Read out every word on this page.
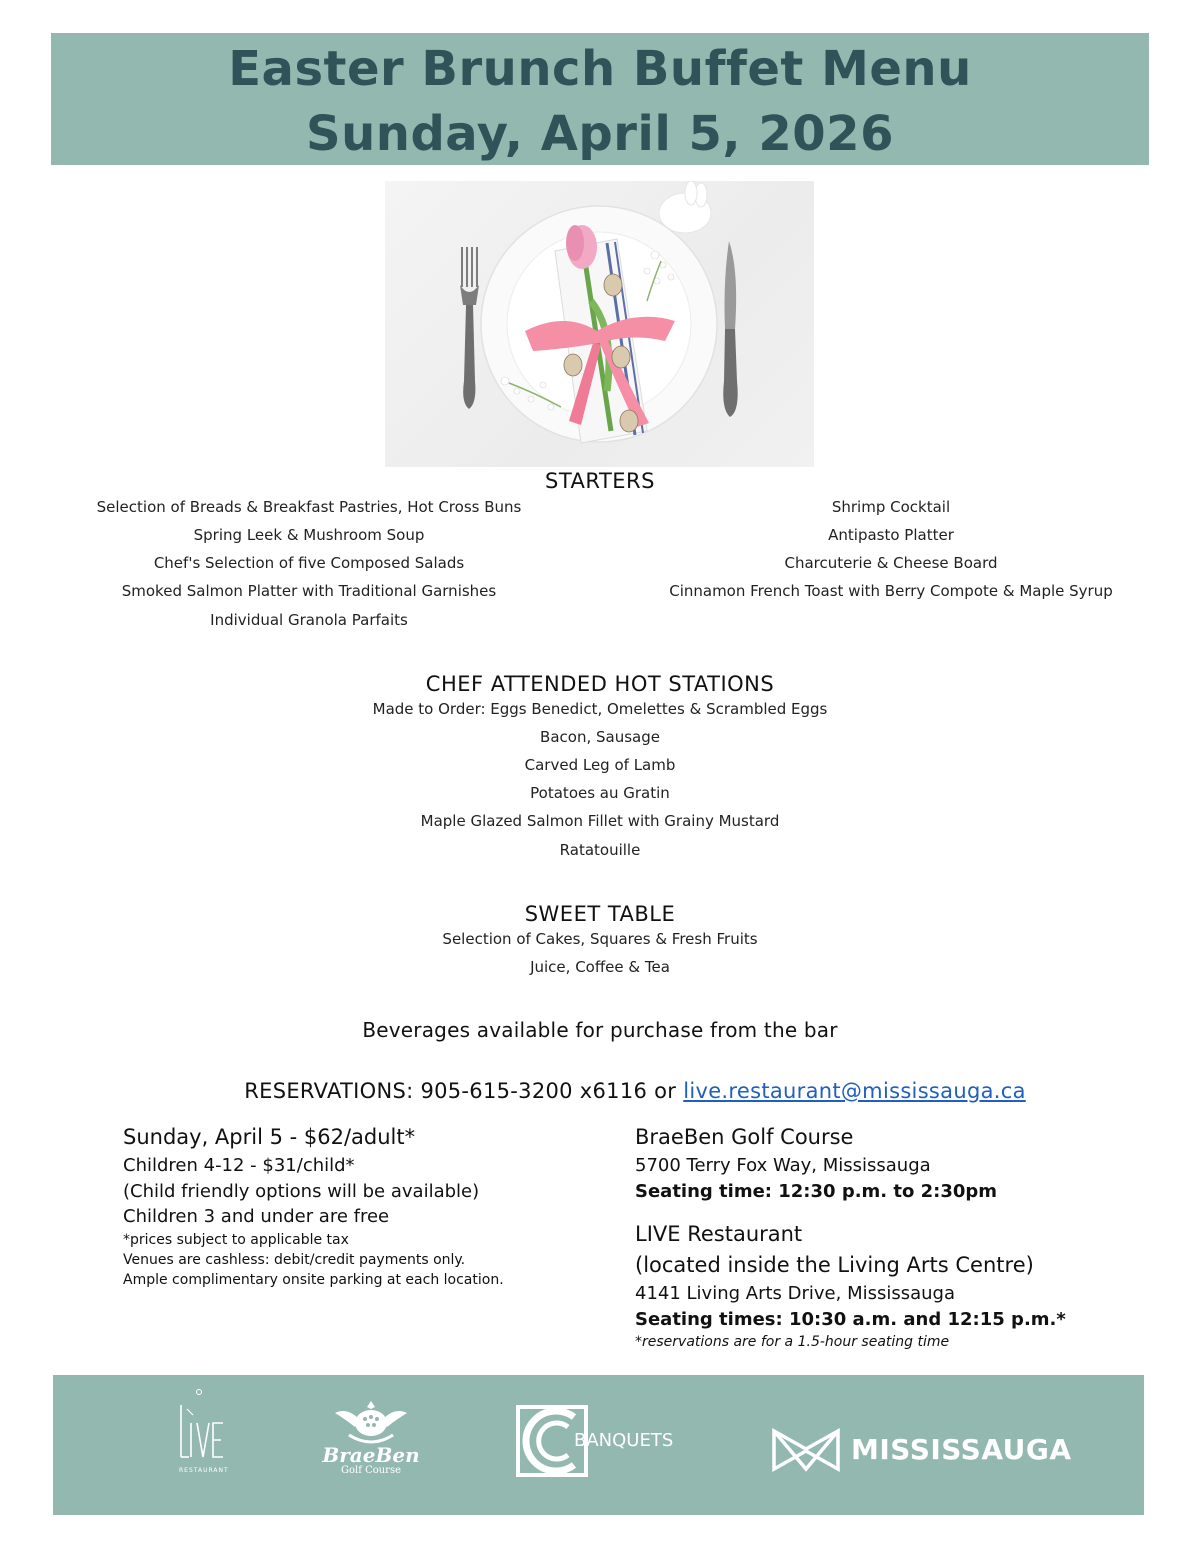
Easter Brunch Buffet Menu
Sunday, April 5, 2026
STARTERS
Selection of Breads & Breakfast Pastries, Hot Cross Buns
Spring Leek & Mushroom Soup
Chef's Selection of five Composed Salads
Smoked Salmon Platter with Traditional Garnishes
Individual Granola Parfaits
Shrimp Cocktail
Antipasto Platter
Charcuterie & Cheese Board
Cinnamon French Toast with Berry Compote & Maple Syrup
CHEF ATTENDED HOT STATIONS
Made to Order: Eggs Benedict, Omelettes & Scrambled Eggs
Bacon, Sausage
Carved Leg of Lamb
Potatoes au Gratin
Maple Glazed Salmon Fillet with Grainy Mustard
Ratatouille
SWEET TABLE
Selection of Cakes, Squares & Fresh Fruits
Juice, Coffee & Tea
Beverages available for purchase from the bar
RESERVATIONS: 905-615-3200 x6116 or live.restaurant@mississauga.ca
Sunday, April 5 - $62/adult*
Children 4-12 - $31/child*
(Child friendly options will be available)
Children 3 and under are free
*prices subject to applicable tax
Venues are cashless: debit/credit payments only.
Ample complimentary onsite parking at each location.
BraeBen Golf Course
5700 Terry Fox Way, Mississauga
Seating time: 12:30 p.m. to 2:30pm
LIVE Restaurant
(located inside the Living Arts Centre)
4141 Living Arts Drive, Mississauga
Seating times: 10:30 a.m. and 12:15 p.m.*
*reservations are for a 1.5-hour seating time
RESTAURANT
BraeBen
Golf Course
BANQUETS	MISSISSAUGA
